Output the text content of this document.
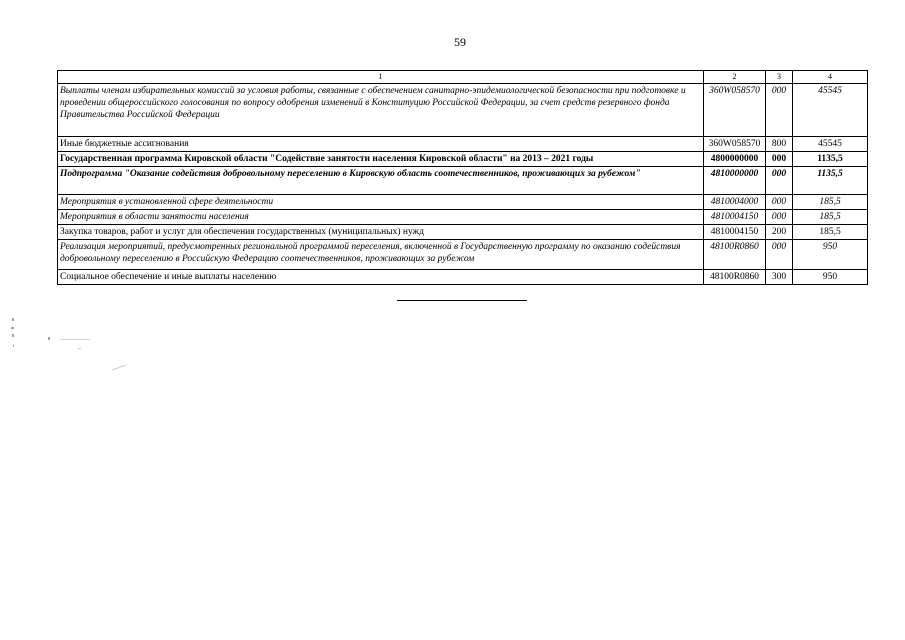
59
1	2	3	4
Выплаты членам избирательных комиссий за условия работы, связанные с обеспечением санитарно-эпидемиологической безопасности при подготовке и проведении общероссийского голосования по вопросу одобрения изменений в Конституцию Российской Федерации, за счет средств резервного фонда Правительства Российской Федерации	360W058570	000	45545
Иные бюджетные ассигнования	360W058570	800	45545
Государственная программа Кировской области "Содействие занятости населения Кировской области" на 2013 – 2021 годы	4800000000	000	1135,5
Подпрограмма "Оказание содействия добровольному переселению в Кировскую область соотечественников, проживающих за рубежом"	4810000000	000	1135,5
Мероприятия в установленной сфере деятельности	4810004000	000	185,5
Мероприятия в области занятости населения	4810004150	000	185,5
Закупка товаров, работ и услуг для обеспечения государственных (муниципальных) нужд	4810004150	200	185,5
Реализация мероприятий, предусмотренных региональной программой переселения, включенной в Государственную программу по оказанию содействия добровольному переселению в Российскую Федерацию соотечественников, проживающих за рубежом	48100R0860	000	950
Социальное обеспечение и иные выплаты населению	48100R0860	300	950
